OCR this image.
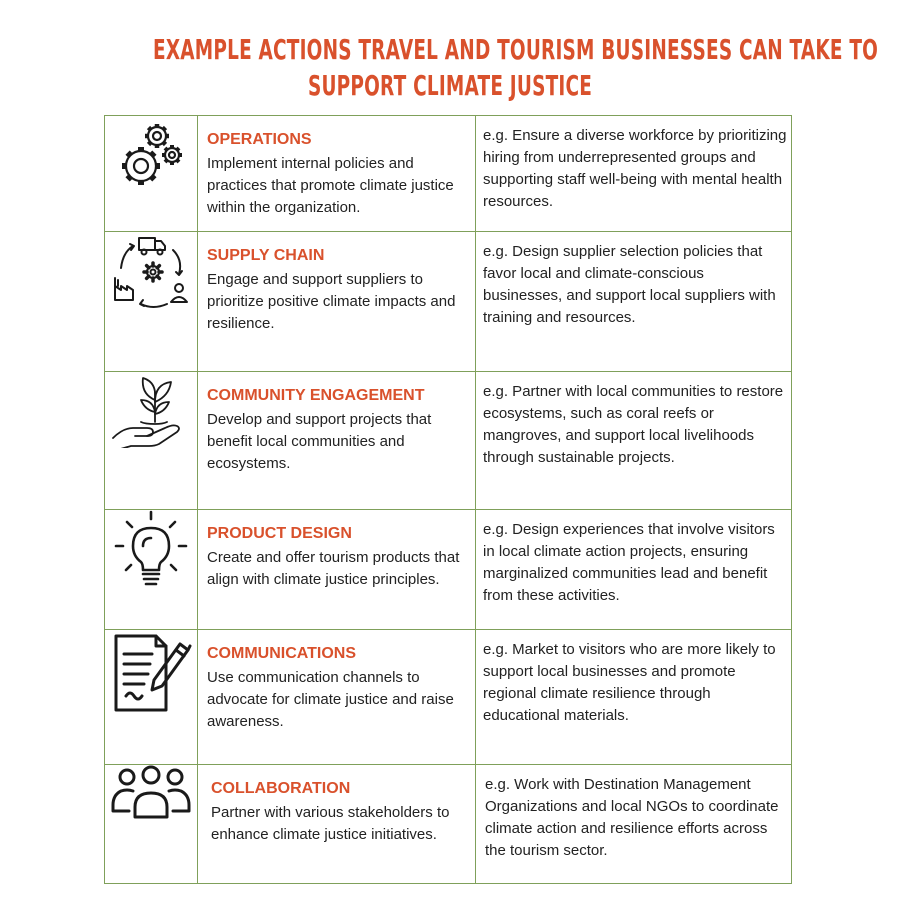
EXAMPLE ACTIONS TRAVEL AND TOURISM BUSINESSES CAN TAKE TO
SUPPORT CLIMATE JUSTICE

OPERATIONS
Implement internal policies and practices that promote climate justice within the organization.	e.g. Ensure a diverse workforce by prioritizing hiring from underrepresented groups and supporting staff well-being with mental health resources.

SUPPLY CHAIN
Engage and support suppliers to prioritize positive climate impacts and resilience.	e.g. Design supplier selection policies that favor local and climate-conscious businesses, and support local suppliers with training and resources.

COMMUNITY ENGAGEMENT
Develop and support projects that benefit local communities and ecosystems.	e.g. Partner with local communities to restore ecosystems, such as coral reefs or mangroves, and support local livelihoods through sustainable projects.

PRODUCT DESIGN
Create and offer tourism products that align with climate justice principles.	e.g. Design experiences that involve visitors in local climate action projects, ensuring marginalized communities lead and benefit from these activities.

COMMUNICATIONS
Use communication channels to advocate for climate justice and raise awareness.	e.g. Market to visitors who are more likely to support local businesses and promote regional climate resilience through educational materials.

COLLABORATION
Partner with various stakeholders to enhance climate justice initiatives.	e.g. Work with Destination Management Organizations and local NGOs to coordinate climate action and resilience efforts across the tourism sector.
